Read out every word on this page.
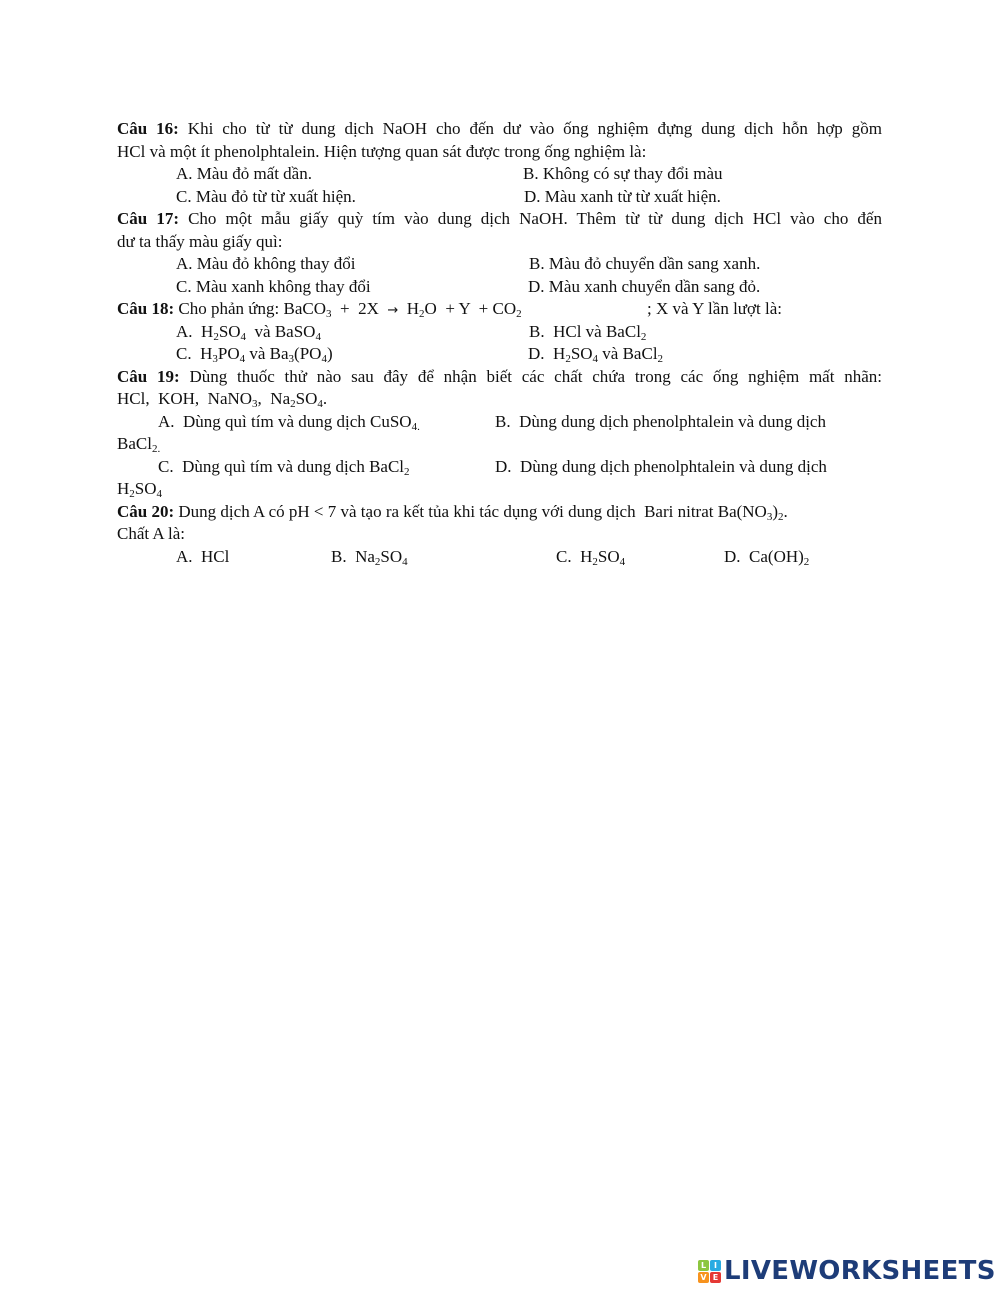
Câu 16: Khi cho từ từ dung dịch NaOH cho đến dư vào ống nghiệm đựng dung dịch hỗn hợp gồm
HCl và một ít phenolphtalein. Hiện tượng quan sát được trong ống nghiệm là:
A. Màu đỏ mất dần.	B. Không có sự thay đổi màu
C. Màu đỏ từ từ xuất hiện.	D. Màu xanh từ từ xuất hiện.
Câu 17: Cho một mẫu giấy quỳ tím vào dung dịch NaOH. Thêm từ từ dung dịch HCl vào cho đến
dư ta thấy màu giấy quì:
A. Màu đỏ không thay đổi	B. Màu đỏ chuyển dần sang xanh.
C. Màu xanh không thay đổi	D. Màu xanh chuyển dần sang đỏ.
Câu 18: Cho phản ứng: BaCO$_3$  +  $2X \to H_2O + Y + CO_2$	; X và Y lần lượt là:
A.  $H_2SO_4$  và BaSO$_4$	B.  HCl và BaCl$_2$
C.  $H_3PO_4$ và $Ba_3(PO_4)$	D.  $H_2SO_4$ và BaCl$_2$
Câu 19: Dùng thuốc thử nào sau đây để nhận biết các chất chứa trong các ống nghiệm mất nhãn:
HCl,  KOH,  NaNO$_3$,  $Na_2SO_4$.
A.  Dùng quì tím và dung dịch CuSO$_{4.}$	B.  Dùng dung dịch phenolphtalein và dung dịch
BaCl$_{2.}$
C.  Dùng quì tím và dung dịch BaCl$_2$	D.  Dùng dung dịch phenolphtalein và dung dịch
$H_2SO_4$
Câu 20: Dung dịch A có pH < 7 và tạo ra kết tủa khi tác dụng với dung dịch  Bari nitrat $Ba(NO_3)_2$.
Chất A là:
A.  HCl	B.  $Na_2SO_4$	C.  $H_2SO_4$	D.  $Ca(OH)_2$
L I
V E LIVEWORKSHEETS
